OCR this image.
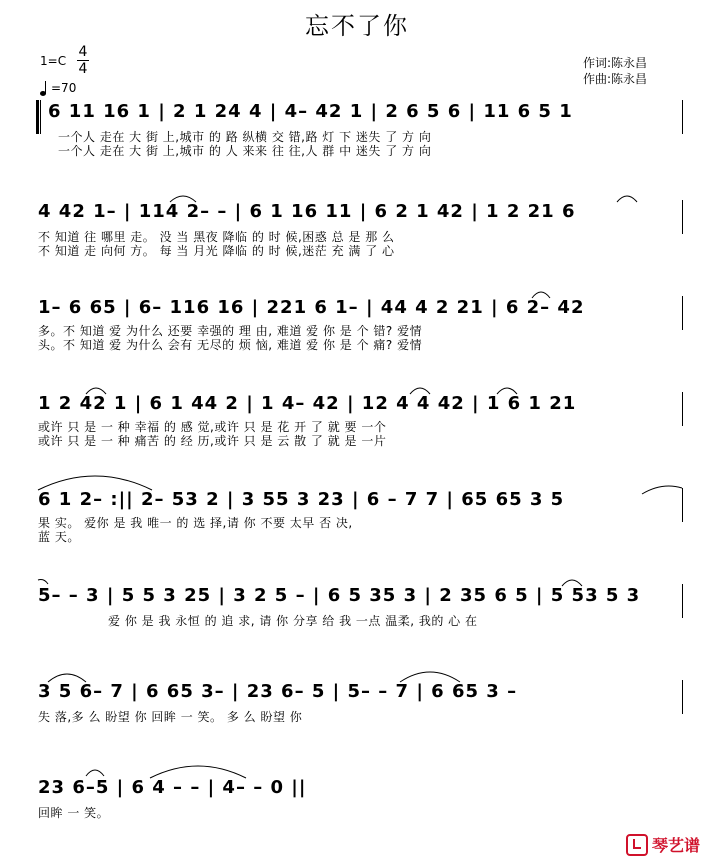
忘不了你
1=C
4
4
=70
作词:陈永昌
作曲:陈永昌
6 11 16 1 | 2 1 24 4 | 4– 42 1 | 2 6 5 6 | 11 6 5 1
一个人 走在 大 街 上,城市 的 路 纵横 交 错,路 灯 下 迷失 了 方 向
一个人 走在 大 街 上,城市 的 人 来来 往 往,人 群 中 迷失 了 方 向
4 42 1– | 114 2– – | 6 1 16 11 | 6 2 1 42 | 1 2 21 6
不 知道 往 哪里 走。 没 当 黑夜 降临 的 时 候,困惑 总 是 那 么
不 知道 走 向何 方。 每 当 月光 降临 的 时 候,迷茫 充 满 了 心
1– 6 65 | 6– 116 16 | 221 6 1– | 44 4 2 21 | 6 2– 42
多。不 知道 爱 为什么 还要 幸强的 理 由, 难道 爱 你 是 个 错? 爱情
头。不 知道 爱 为什么 会有 无尽的 烦 恼, 难道 爱 你 是 个 痛? 爱情
1 2 42 1 | 6 1 44 2 | 1 4– 42 | 12 4 4 42 | 1 6 1 21
或许 只 是 一 种 幸福 的 感 觉,或许 只 是 花 开 了 就 要 一个
或许 只 是 一 种 痛苦 的 经 历,或许 只 是 云 散 了 就 是 一片
6 1 2– :|| 2– 53 2 | 3 55 3 23 | 6 – 7 7 | 65 65 3 5
果 实。 爱你 是 我 唯一 的 选 择,请 你 不要 太早 否 决,
蓝 天。
5– – 3 | 5 5 3 25 | 3 2 5 – | 6 5 35 3 | 2 35 6 5 | 5 53 5 3
爱 你 是 我 永恒 的 追 求, 请 你 分享 给 我 一点 温柔, 我的 心 在
3 5 6– 7 | 6 65 3– | 23 6– 5 | 5– – 7 | 6 65 3 –
失 落,多 么 盼望 你 回眸 一 笑。 多 么 盼望 你
23 6–5 | 6 4 – – | 4– – 0 ||
回眸 一 笑。
琴艺谱
